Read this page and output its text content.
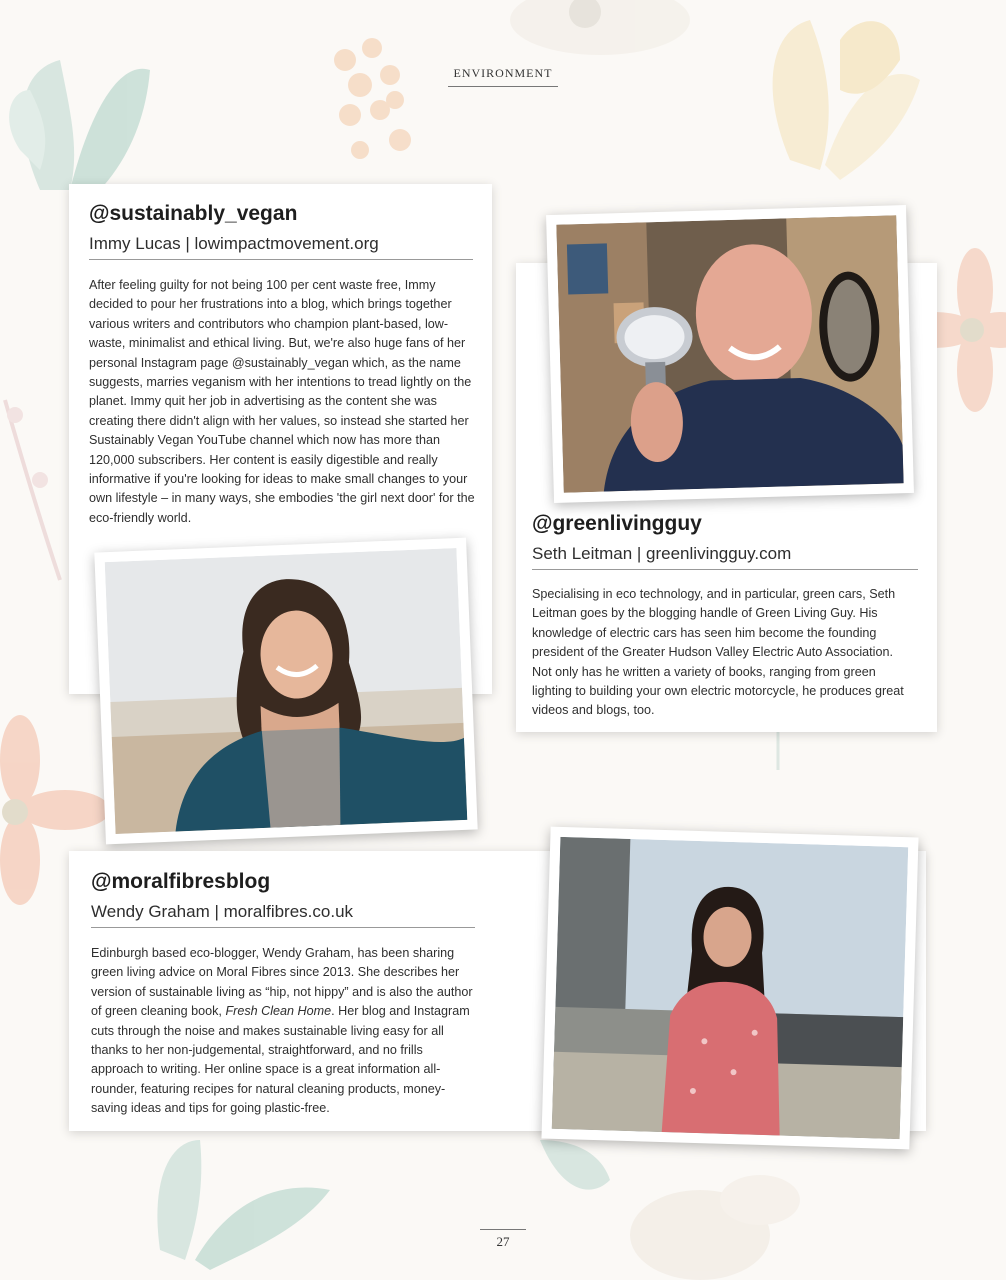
ENVIRONMENT
@sustainably_vegan
Immy Lucas | lowimpactmovement.org

After feeling guilty for not being 100 per cent waste free, Immy decided to pour her frustrations into a blog, which brings together various writers and contributors who champion plant-based, low-waste, minimalist and ethical living. But, we're also huge fans of her personal Instagram page @sustainably_vegan which, as the name suggests, marries veganism with her intentions to tread lightly on the planet. Immy quit her job in advertising as the content she was creating there didn't align with her values, so instead she started her Sustainably Vegan YouTube channel which now has more than 120,000 subscribers. Her content is easily digestible and really informative if you're looking for ideas to make small changes to your own lifestyle – in many ways, she embodies 'the girl next door' for the eco-friendly world.	@greenlivingguy
Seth Leitman | greenlivingguy.com

Specialising in eco technology, and in particular, green cars, Seth Leitman goes by the blogging handle of Green Living Guy. His knowledge of electric cars has seen him become the founding president of the Greater Hudson Valley Electric Auto Association. Not only has he written a variety of books, ranging from green lighting to building your own electric motorcycle, he produces great videos and blogs, too.

@moralfibresblog
Wendy Graham | moralfibres.co.uk

Edinburgh based eco-blogger, Wendy Graham, has been sharing green living advice on Moral Fibres since 2013. She describes her version of sustainable living as “hip, not hippy” and is also the author of green cleaning book, Fresh Clean Home. Her blog and Instagram cuts through the noise and makes sustainable living easy for all thanks to her non-judgemental, straightforward, and no frills approach to writing. Her online space is a great information all-rounder, featuring recipes for natural cleaning products, money-saving ideas and tips for going plastic-free.

27
